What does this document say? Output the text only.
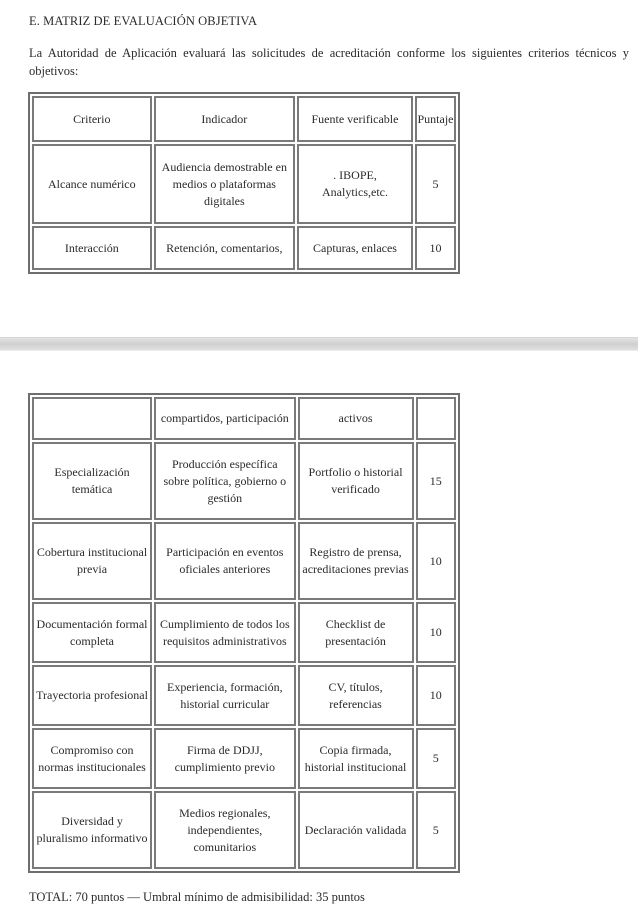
E. MATRIZ DE EVALUACIÓN OBJETIVA
La Autoridad de Aplicación evaluará las solicitudes de acreditación conforme los siguientes criterios técnicos y objetivos:
Criterio	Indicador	Fuente verificable	Puntaje
Alcance numérico	Audiencia demostrable en medios o plataformas digitales	. IBOPE, Analytics,etc.	5
Interacción	Retención, comentarios,	Capturas, enlaces	10
	compartidos, participación	activos	
Especialización temática	Producción específica sobre política, gobierno o gestión	Portfolio o historial verificado	15
Cobertura institucional previa	Participación en eventos oficiales anteriores	Registro de prensa, acreditaciones previas	10
Documentación formal completa	Cumplimiento de todos los requisitos administrativos	Checklist de presentación	10
Trayectoria profesional	Experiencia, formación, historial curricular	CV, títulos, referencias	10
Compromiso con normas institucionales	Firma de DDJJ, cumplimiento previo	Copia firmada, historial institucional	5
Diversidad y pluralismo informativo	Medios regionales, independientes, comunitarios	Declaración validada	5
TOTAL: 70 puntos — Umbral mínimo de admisibilidad: 35 puntos
